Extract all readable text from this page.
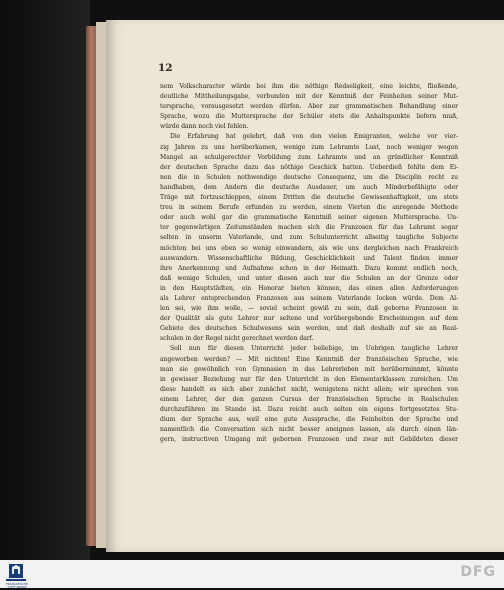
12
nem Volkscharacter würde bei ihm die nöthige Redseligkeit, eine leichte, fließende,
deutliche Mittheilungsgabe, verbunden mit der Kenntniß der Feinheiten seiner Mut-
tersprache, vorausgesetzt werden dürfen. Aber zur grammatischen Behandlung einer
Sprache, wozu die Muttersprache der Schüler stets die Anhaltspunkte liefern muß,
würde dann noch viel fehlen.
Die Erfahrung hat gelehrt, daß von den vielen Emigranten, welche vor vier-
zig Jahren zu uns herüberkamen, wenige zum Lehramte Lust, noch weniger wegen
Mangel an schulgerechter Vorbildung zum Lehramte und an gründlicher Kenntniß
der deutschen Sprache dazu das nöthige Geschick hatten. Ueberdieß fehlte dem Ei-
nen die in Schulen nothwendige deutsche Consequenz, um die Disciplin recht zu
handhaben, dem Andern die deutsche Ausdauer, um auch Minderbefähigte oder
Träge mit fortzuschleppen, einem Dritten die deutsche Gewissenhaftigkeit, um stets
treu in seinem Berufe erfunden zu werden, einem Vierten die anregende Methode
oder auch wohl gar die grammatische Kenntniß seiner eigenen Muttersprache. Un-
ter gegenwärtigen Zeitumständen machen sich die Franzosen für das Lehramt sogar
selten in unserm Vaterlande, und zum Schulunterricht allseitig taugliche Subjecte
möchten bei uns eben so wenig einwandern, als wie uns dergleichen nach Frankreich
auswandern. Wissenschaftliche Bildung, Geschicklichkeit und Talent finden immer
ihre Anerkennung und Aufnahme schon in der Heimath. Dazu kommt endlich noch,
daß wenige Schulen, und unter diesen auch nur die Schulen an der Grenze oder
in den Hauptstädten, ein Honorar bieten können, das einen allen Anforderungen
als Lehrer entsprechenden Franzosen aus seinem Vaterlande locken würde. Dem Al-
len sei, wie ihm wolle, — soviel scheint gewiß zu sein, daß geborne Franzosen in
der Qualität als gute Lehrer nur seltene und vorübergehende Erscheinungen auf dem
Gebiete des deutschen Schulwesens sein werden, und daß deshalb auf sie an Real-
schulen in der Regel nicht gerechnet werden darf.
Soll nun für diesen Unterricht jeder beliebige, im Uebrigen taugliche Lehrer
angeworben werden? — Mit nichten! Eine Kenntniß der französischen Sprache, wie
man sie gewöhnlich von Gymnasien in das Lehrerleben mit herüberminnmt, könnte
in gewisser Beziehung nur für den Unterricht in den Elementarklassen zureichen. Um
diese handelt es sich aber zunächst nicht, wenigstens nicht allein; wir sprechen von
einem Lehrer, der den ganzen Cursus der französischen Sprache in Realschulen
durchzuführen im Stande ist. Dazu reicht auch selten ein eigens fortgesetztes Stu-
dium der Sprache aus, weil eine gute Aussprache, die Feinheiten der Sprache und
namentlich die Conversation sich nicht besser aneignen lassen, als durch einen län-
gern, instructiven Umgang mit gebornen Franzosen und zwar mit Gebildeten dieser
FRANCKESCHE STIFTUNGEN
DFG
